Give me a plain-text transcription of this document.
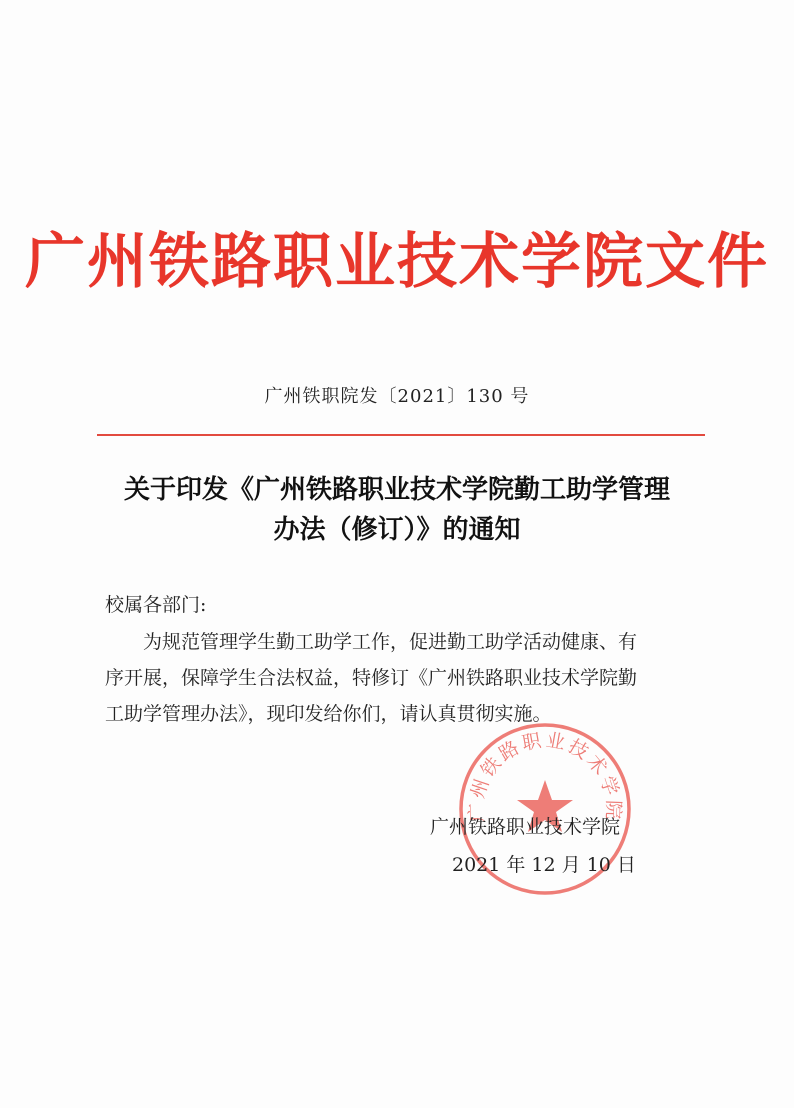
广州铁路职业技术学院文件
广州铁职院发〔2021〕130 号
关于印发《广州铁路职业技术学院勤工助学管理
办法（修订）》的通知
校属各部门:
为规范管理学生勤工助学工作，促进勤工助学活动健康、有
序开展，保障学生合法权益，特修订《广州铁路职业技术学院勤
工助学管理办法》，现印发给你们，请认真贯彻实施。
广州铁路职业技术学院
广州铁路职业技术学院
2021 年 12 月 10 日
